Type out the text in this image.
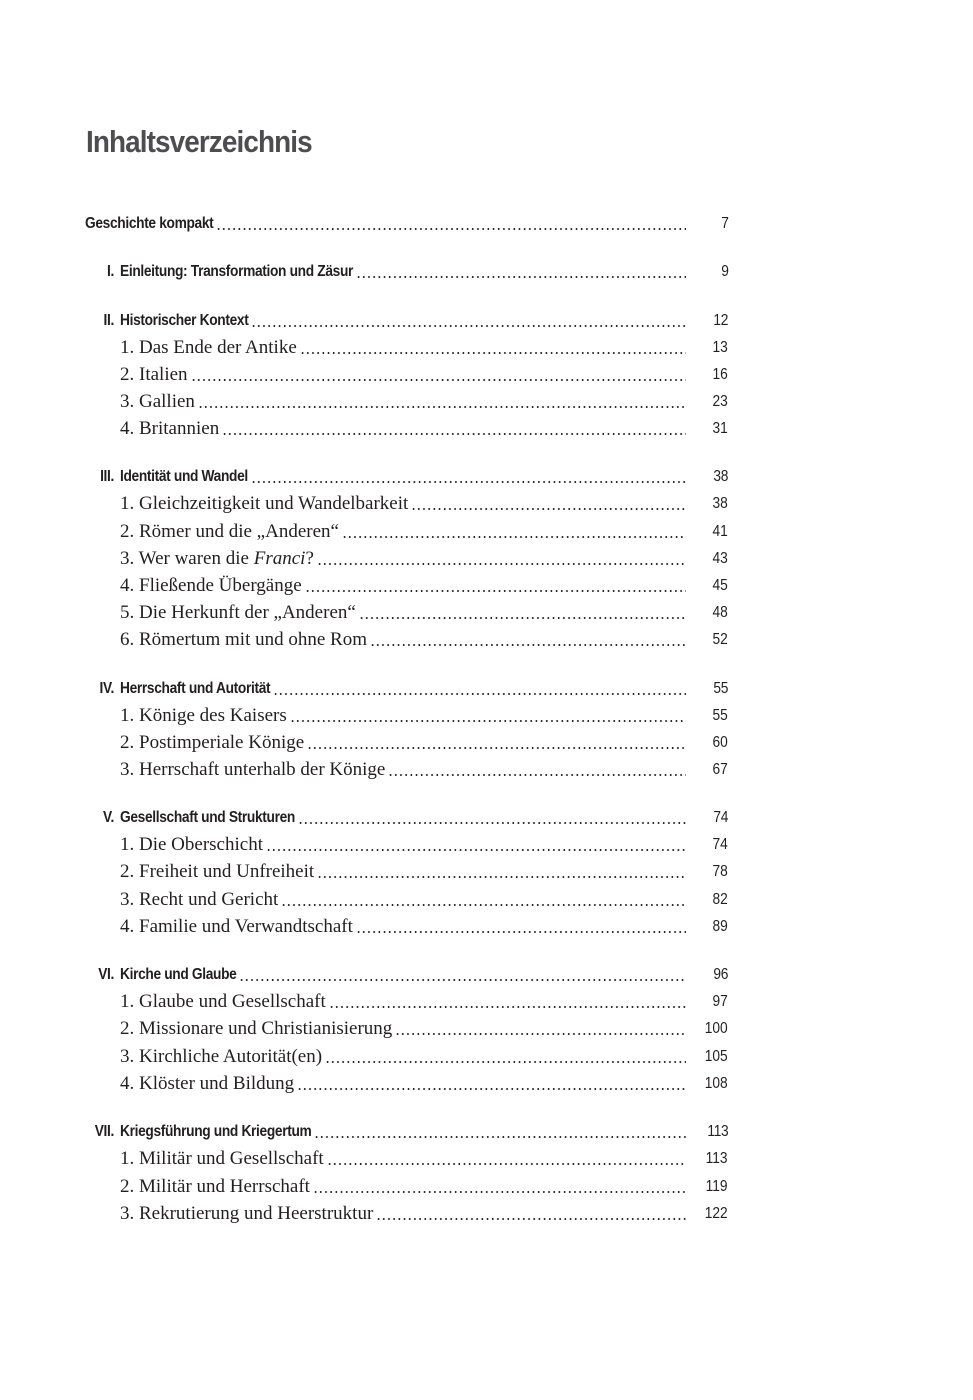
Inhaltsverzeichnis
Geschichte kompakt	7
I. Einleitung: Transformation und Zäsur	9
II. Historischer Kontext	12
1. Das Ende der Antike	13
2. Italien	16
3. Gallien	23
4. Britannien	31
III. Identität und Wandel	38
1. Gleichzeitigkeit und Wandelbarkeit	38
2. Römer und die „Anderen“	41
3. Wer waren die Franci?	43
4. Fließende Übergänge	45
5. Die Herkunft der „Anderen“	48
6. Römertum mit und ohne Rom	52
IV. Herrschaft und Autorität	55
1. Könige des Kaisers	55
2. Postimperiale Könige	60
3. Herrschaft unterhalb der Könige	67
V. Gesellschaft und Strukturen	74
1. Die Oberschicht	74
2. Freiheit und Unfreiheit	78
3. Recht und Gericht	82
4. Familie und Verwandtschaft	89
VI. Kirche und Glaube	96
1. Glaube und Gesellschaft	97
2. Missionare und Christianisierung	100
3. Kirchliche Autorität(en)	105
4. Klöster und Bildung	108
VII. Kriegsführung und Kriegertum	113
1. Militär und Gesellschaft	113
2. Militär und Herrschaft	119
3. Rekrutierung und Heerstruktur	122
